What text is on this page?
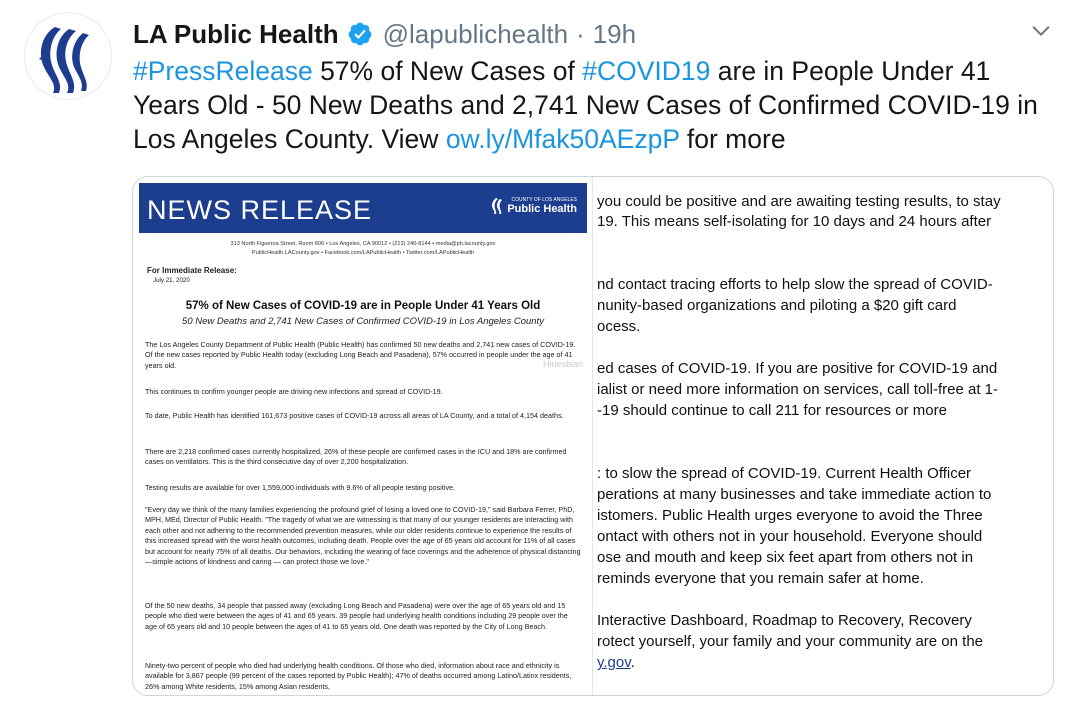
LA Public Health @lapublichealth · 19h
#PressRelease 57% of New Cases of #COVID19 are in People Under 41 Years Old - 50 New Deaths and 2,741 New Cases of Confirmed COVID-19 in Los Angeles County. View ow.ly/Mfak50AEzpP for more
NEWS RELEASE	COUNTY OF LOS ANGELES
Public Health
313 North Figueroa Street, Room 806 • Los Angeles, CA 90012 • (213) 240-8144 • media@ph.lacounty.gov
PublicHealth.LACounty.gov • Facebook.com/LAPublicHealth • Twitter.com/LAPublicHealth
For Immediate Release:
July 21, 2020
57% of New Cases of COVID-19 are in People Under 41 Years Old
50 New Deaths and 2,741 New Cases of Confirmed COVID-19 in Los Angeles County
The Los Angeles County Department of Public Health (Public Health) has confirmed 50 new deaths and 2,741 new cases of COVID-19. Of the new cases reported by Public Health today (excluding Long Beach and Pasadena), 57% occurred in people under the age of 41 years old.
This continues to confirm younger people are driving new infections and spread of COVID-19.
To date, Public Health has identified 161,673 positive cases of COVID-19 across all areas of LA County, and a total of 4,154 deaths.
There are 2,218 confirmed cases currently hospitalized, 26% of these people are confirmed cases in the ICU and 18% are confirmed cases on ventilators. This is the third consecutive day of over 2,200 hospitalization.
Testing results are available for over 1,559,000 individuals with 9.6% of all people testing positive.
"Every day we think of the many families experiencing the profound grief of losing a loved one to COVID-19," said Barbara Ferrer, PhD, MPH, MEd, Director of Public Health. "The tragedy of what we are witnessing is that many of our younger residents are interacting with each other and not adhering to the recommended prevention measures, while our older residents continue to experience the results of this increased spread with the worst health outcomes, including death. People over the age of 65 years old account for 11% of all cases but account for nearly 75% of all deaths. Our behaviors, including the wearing of face coverings and the adherence of physical distancing —simple actions of kindness and caring — can protect those we love."
Of the 50 new deaths, 34 people that passed away (excluding Long Beach and Pasadena) were over the age of 65 years old and 15 people who died were between the ages of 41 and 65 years. 39 people had underlying health conditions including 29 people over the age of 65 years old and 10 people between the ages of 41 to 65 years old. One death was reported by the City of Long Beach.
Ninety-two percent of people who died had underlying health conditions. Of those who died, information about race and ethnicity is available for 3,867 people (99 percent of the cases reported by Public Health); 47% of deaths occurred among Latino/Latinx residents, 26% among White residents, 15% among Asian residents,
you could be positive and are awaiting testing results, to stay
19. This means self-isolating for 10 days and 24 hours after
nd contact tracing efforts to help slow the spread of COVID-
nunity-based organizations and piloting a $20 gift card
ocess.
ed cases of COVID-19. If you are positive for COVID-19 and
ialist or need more information on services, call toll-free at 1-
-19 should continue to call 211 for resources or more
: to slow the spread of COVID-19. Current Health Officer
perations at many businesses and take immediate action to
istomers. Public Health urges everyone to avoid the Three
ontact with others not in your household. Everyone should
ose and mouth and keep six feet apart from others not in
reminds everyone that you remain safer at home.
Interactive Dashboard, Roadmap to Recovery, Recovery
rotect yourself, your family and your community are on the
y.gov.
Hinesbian
